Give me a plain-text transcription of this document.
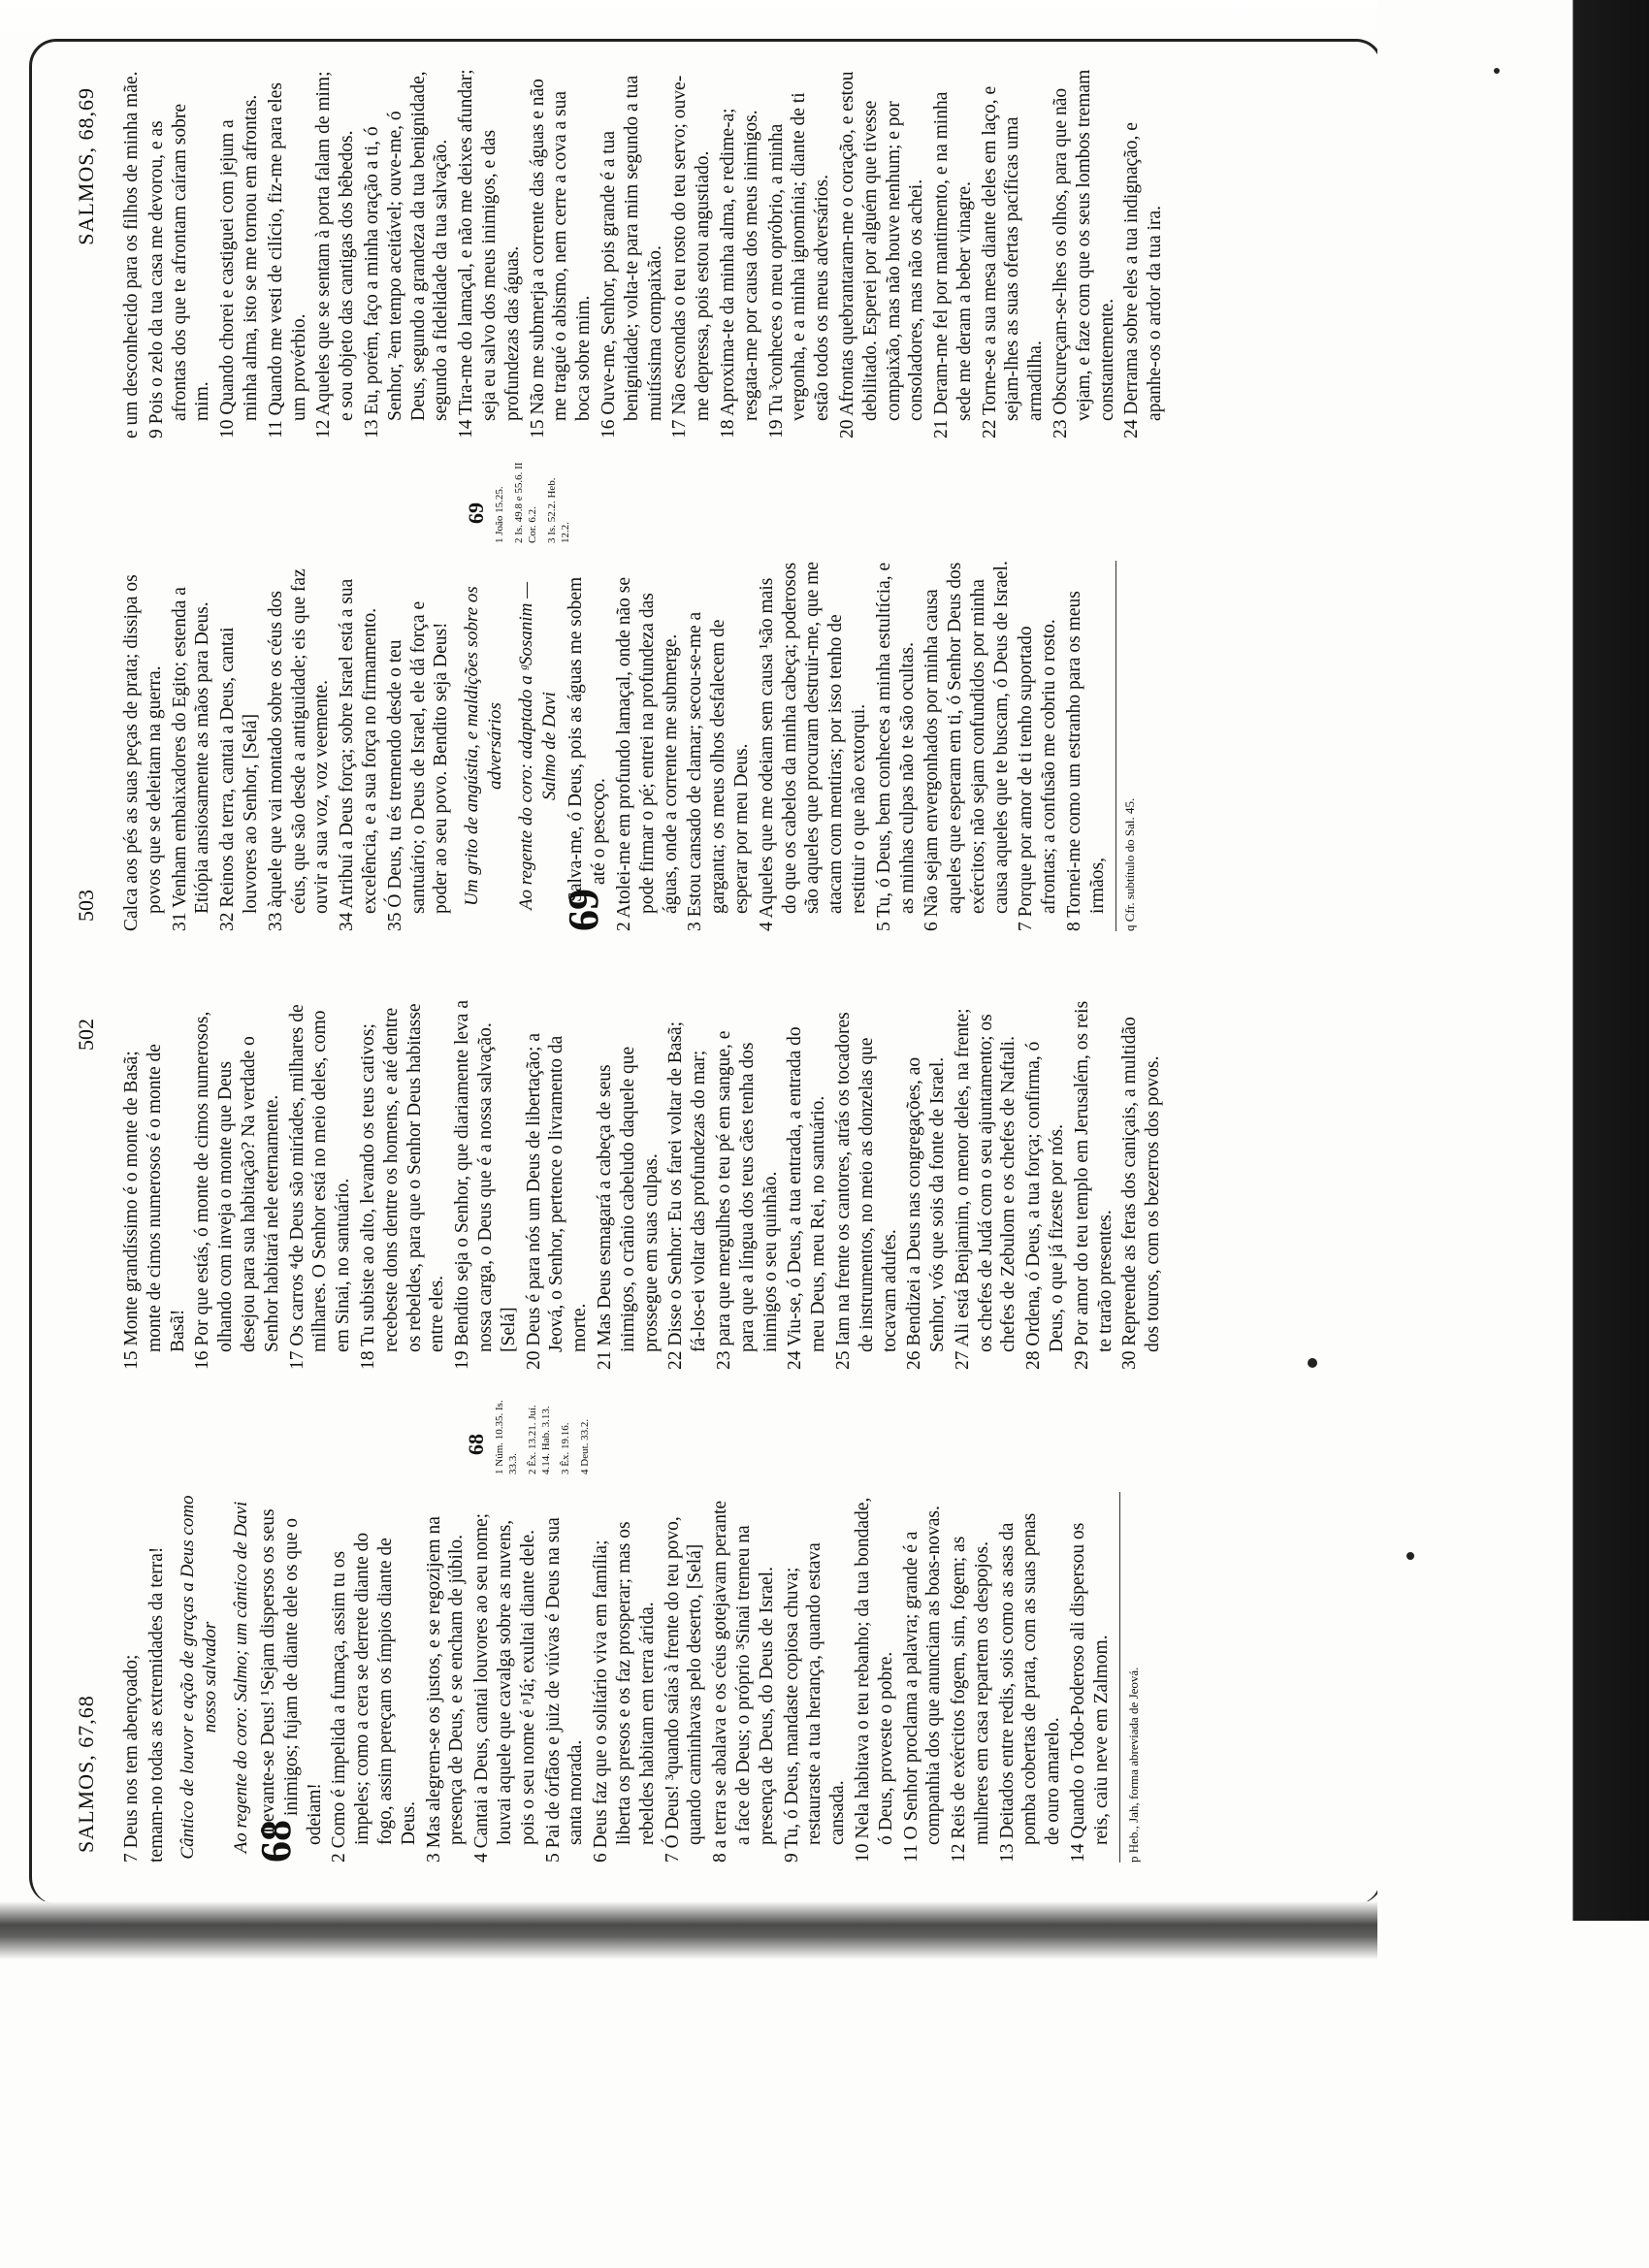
SALMOS, 67,68
502

7 Deus nos tem abençoado; temam-no todas as extremidades da terra! Cântico de louvor e ação de graças a Deus como nosso salvador Ao regente do coro: Salmo; um cântico de Davi 68
Levante-se Deus! ¹Sejam dispersos os seus inimigos; fujam de diante dele os que o odeiam! 2 Como é impelida a fumaça, assim tu os impeles; como a cera se derrete diante do fogo, assim pereçam os ímpios diante de Deus. 3 Mas alegrem-se os justos, e se regozijem na presença de Deus, e se encham de júbilo. 4 Cantai a Deus, cantai louvores ao seu nome; louvai aquele que cavalga sobre as nuvens, pois o seu nome é ᵖJá; exultai diante dele. 5 Pai de órfãos e juiz de viúvas é Deus na sua santa morada. 6 Deus faz que o solitário viva em família; liberta os presos e os faz prosperar; mas os rebeldes habitam em terra árida. 7 Ó Deus! ³quando saías à frente do teu povo, quando caminhavas pelo deserto, [Selá] 8 a terra se abalava e os céus gotejavam perante a face de Deus; o próprio ³Sinai tremeu na presença de Deus, do Deus de Israel. 9 Tu, ó Deus, mandaste copiosa chuva; restauraste a tua herança, quando estava cansada. 10 Nela habitava o teu rebanho; da tua bondade, ó Deus, proveste o pobre. 11 O Senhor proclama a palavra; grande é a companhia dos que anunciam as boas-novas. 12 Reis de exércitos fogem, sim, fogem; as mulheres em casa repartem os despojos. 13 Deitados entre redis, sois como as asas da pomba cobertas de prata, com as suas penas de ouro amarelo. 14 Quando o Todo-Poderoso ali dispersou os reis, caiu neve em Zalmom.	p Heb., Jah, forma abreviada de Jeová.
68 1 Núm. 10.35. Is. 33.3. 2 Êx. 13.21. Juí. 4.14. Hab. 3.13. 3 Êx. 19.16. 4 Deut. 33.2.

15 Monte grandíssimo é o monte de Basã; monte de cimos numerosos é o monte de Basã! 16 Por que estás, ó monte de cimos numerosos, olhando com inveja o monte que Deus desejou para sua habitação? Na verdade o Senhor habitará nele eternamente. 17 Os carros ⁴de Deus são miríades, milhares de milhares. O Senhor está no meio deles, como em Sinai, no santuário. 18 Tu subiste ao alto, levando os teus cativos; recebeste dons dentre os homens, e até dentre os rebeldes, para que o Senhor Deus habitasse entre eles. 19 Bendito seja o Senhor, que diariamente leva a nossa carga, o Deus que é a nossa salvação. [Selá] 20 Deus é para nós um Deus de libertação; a Jeová, o Senhor, pertence o livramento da morte. 21 Mas Deus esmagará a cabeça de seus inimigos, o crânio cabeludo daquele que prossegue em suas culpas. 22 Disse o Senhor: Eu os farei voltar de Basã; fá-los-ei voltar das profundezas do mar; 23 para que mergulhes o teu pé em sangue, e para que a língua dos teus cães tenha dos inimigos o seu quinhão. 24 Viu-se, ó Deus, a tua entrada, a entrada do meu Deus, meu Rei, no santuário. 25 Iam na frente os cantores, atrás os tocadores de instrumentos, no meio as donzelas que tocavam adufes. 26 Bendizei a Deus nas congregações, ao Senhor, vós que sois da fonte de Israel. 27 Ali está Benjamim, o menor deles, na frente; os chefes de Judá com o seu ajuntamento; os chefes de Zebulom e os chefes de Naftali. 28 Ordena, ó Deus, a tua força; confirma, ó Deus, o que já fizeste por nós. 29 Por amor do teu templo em Jerusalém, os reis te trarão presentes. 30 Repreende as feras dos caniçais, a multidão dos touros, com os bezerros dos povos.

503
SALMOS, 68,69

Calca aos pés as suas peças de prata; dissipa os povos que se deleitam na guerra. 31 Venham embaixadores do Egito; estenda a Etiópia ansiosamente as mãos para Deus. 32 Reinos da terra, cantai a Deus, cantai louvores ao Senhor, [Selá] 33 àquele que vai montado sobre os céus dos céus, que são desde a antiguidade; eis que faz ouvir a sua voz, voz veemente. 34 Atribuí a Deus força; sobre Israel está a sua excelência, e a sua força no firmamento. 35 Ó Deus, tu és tremendo desde o teu santuário; o Deus de Israel, ele dá força e poder ao seu povo. Bendito seja Deus! Um grito de angústia, e maldições sobre os adversários Ao regente do coro: adaptado a ᵍSosanim — Salmo de Davi

69
Salva-me, ó Deus, pois as águas me sobem até o pescoço. 2 Atolei-me em profundo lamaçal, onde não se pode firmar o pé; entrei na profundeza das águas, onde a corrente me submerge. 3 Estou cansado de clamar; secou-se-me a garganta; os meus olhos desfalecem de esperar por meu Deus. 4 Aqueles que me odeiam sem causa ¹são mais do que os cabelos da minha cabeça; poderosos são aqueles que procuram destruir-me, que me atacam com mentiras; por isso tenho de restituir o que não extorqui. 5 Tu, ó Deus, bem conheces a minha estultícia, e as minhas culpas não te são ocultas. 6 Não sejam envergonhados por minha causa aqueles que esperam em ti, ó Senhor Deus dos exércitos; não sejam confundidos por minha causa aqueles que te buscam, ó Deus de Israel. 7 Porque por amor de ti tenho suportado afrontas; a confusão me cobriu o rosto. 8 Tornei-me como um estranho para os meus irmãos,	q Cfr. subtítulo do Sal. 45.
69 1 João 15.25. 2 Is. 49.8 e 55.6. II Cor. 6.2. 3 Is. 52.2. Heb. 12.2.

e um desconhecido para os filhos de minha mãe. 9 Pois o zelo da tua casa me devorou, e as afrontas dos que te afrontam caíram sobre mim. 10 Quando chorei e castiguei com jejum a minha alma, isto se me tornou em afrontas. 11 Quando me vesti de cilício, fiz-me para eles um provérbio. 12 Aqueles que se sentam à porta falam de mim; e sou objeto das cantigas dos bêbedos. 13 Eu, porém, faço a minha oração a ti, ó Senhor, ²em tempo aceitável; ouve-me, ó Deus, segundo a grandeza da tua benignidade, segundo a fidelidade da tua salvação. 14 Tira-me do lamaçal, e não me deixes afundar; seja eu salvo dos meus inimigos, e das profundezas das águas. 15 Não me submerja a corrente das águas e não me tragué o abismo, nem cerre a cova a sua boca sobre mim. 16 Ouve-me, Senhor, pois grande é a tua benignidade; volta-te para mim segundo a tua muitíssima compaixão. 17 Não escondas o teu rosto do teu servo; ouve-me depressa, pois estou angustiado. 18 Aproxima-te da minha alma, e redime-a; resgata-me por causa dos meus inimigos. 19 Tu ³conheces o meu opróbrio, a minha vergonha, e a minha ignomínia; diante de ti estão todos os meus adversários. 20 Afrontas quebrantaram-me o coração, e estou debilitado. Esperei por alguém que tivesse compaixão, mas não houve nenhum; e por consoladores, mas não os achei. 21 Deram-me fel por mantimento, e na minha sede me deram a beber vinagre. 22 Torne-se a sua mesa diante deles em laço, e sejam-lhes as suas ofertas pacíficas uma armadilha. 23 Obscureçam-se-lhes os olhos, para que não vejam, e faze com que os seus lombos tremam constantemente. 24 Derrama sobre eles a tua indignação, e apanhe-os o ardor da tua ira.
